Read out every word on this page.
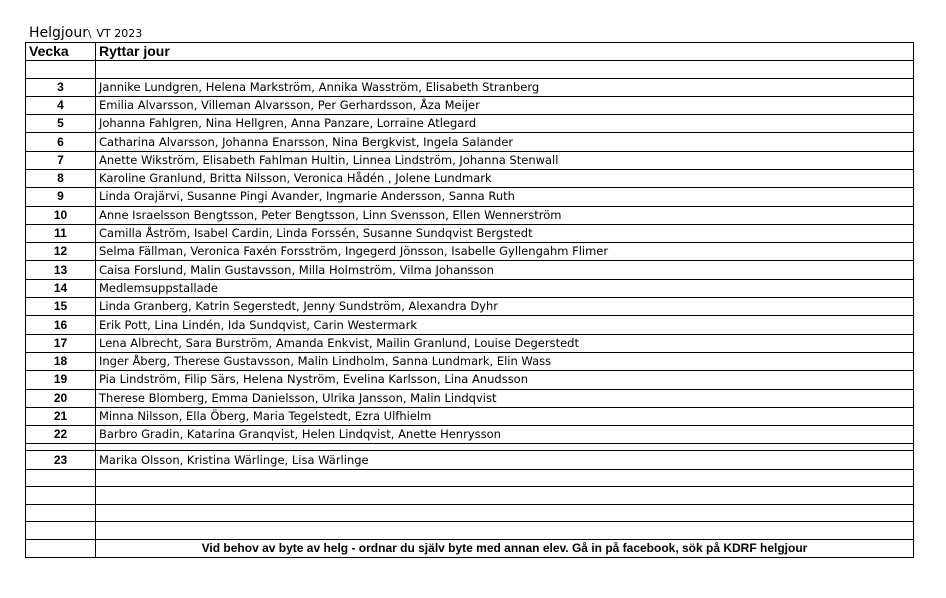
Helgjour\ VT 2023
Vecka	Ryttar jour

3	Jannike Lundgren, Helena Markström, Annika Wasström, Elisabeth Stranberg
4	Emilia Alvarsson, Villeman Alvarsson, Per Gerhardsson, Åza Meijer
5	Johanna Fahlgren, Nina Hellgren, Anna Panzare, Lorraine Atlegard
6	Catharina Alvarsson, Johanna Enarsson, Nina Bergkvist, Ingela Salander
7	Anette Wikström, Elisabeth Fahlman Hultin, Linnea Lindström, Johanna Stenwall
8	Karoline Granlund, Britta Nilsson, Veronica Hådén , Jolene Lundmark
9	Linda Orajärvi, Susanne Pingi Avander, Ingmarie Andersson, Sanna Ruth
10	Anne Israelsson Bengtsson, Peter Bengtsson, Linn Svensson, Ellen Wennerström
11	Camilla Åström, Isabel Cardin, Linda Forssén, Susanne Sundqvist Bergstedt
12	Selma Fällman, Veronica Faxén Forsström, Ingegerd Jönsson, Isabelle Gyllengahm Flimer
13	Caisa Forslund, Malin Gustavsson, Milla Holmström, Vilma Johansson
14	Medlemsuppstallade
15	Linda Granberg, Katrin Segerstedt, Jenny Sundström, Alexandra Dyhr
16	Erik Pott, Lina Lindén, Ida Sundqvist, Carin Westermark
17	Lena Albrecht, Sara Burström, Amanda Enkvist, Mailin Granlund, Louise Degerstedt
18	Inger Åberg, Therese Gustavsson, Malin Lindholm, Sanna Lundmark, Elin Wass
19	Pia Lindström, Filip Särs, Helena Nyström, Evelina Karlsson, Lina Anudsson
20	Therese Blomberg, Emma Danielsson, Ulrika Jansson, Malin Lindqvist
21	Minna Nilsson, Ella Öberg, Maria Tegelstedt, Ezra Ulfhielm
22	Barbro Gradin, Katarina Granqvist, Helen Lindqvist, Anette Henrysson

23	Marika Olsson, Kristina Wärlinge, Lisa Wärlinge

	Vid behov av byte av helg - ordnar du själv byte med annan elev. Gå in på facebook, sök på KDRF helgjour
